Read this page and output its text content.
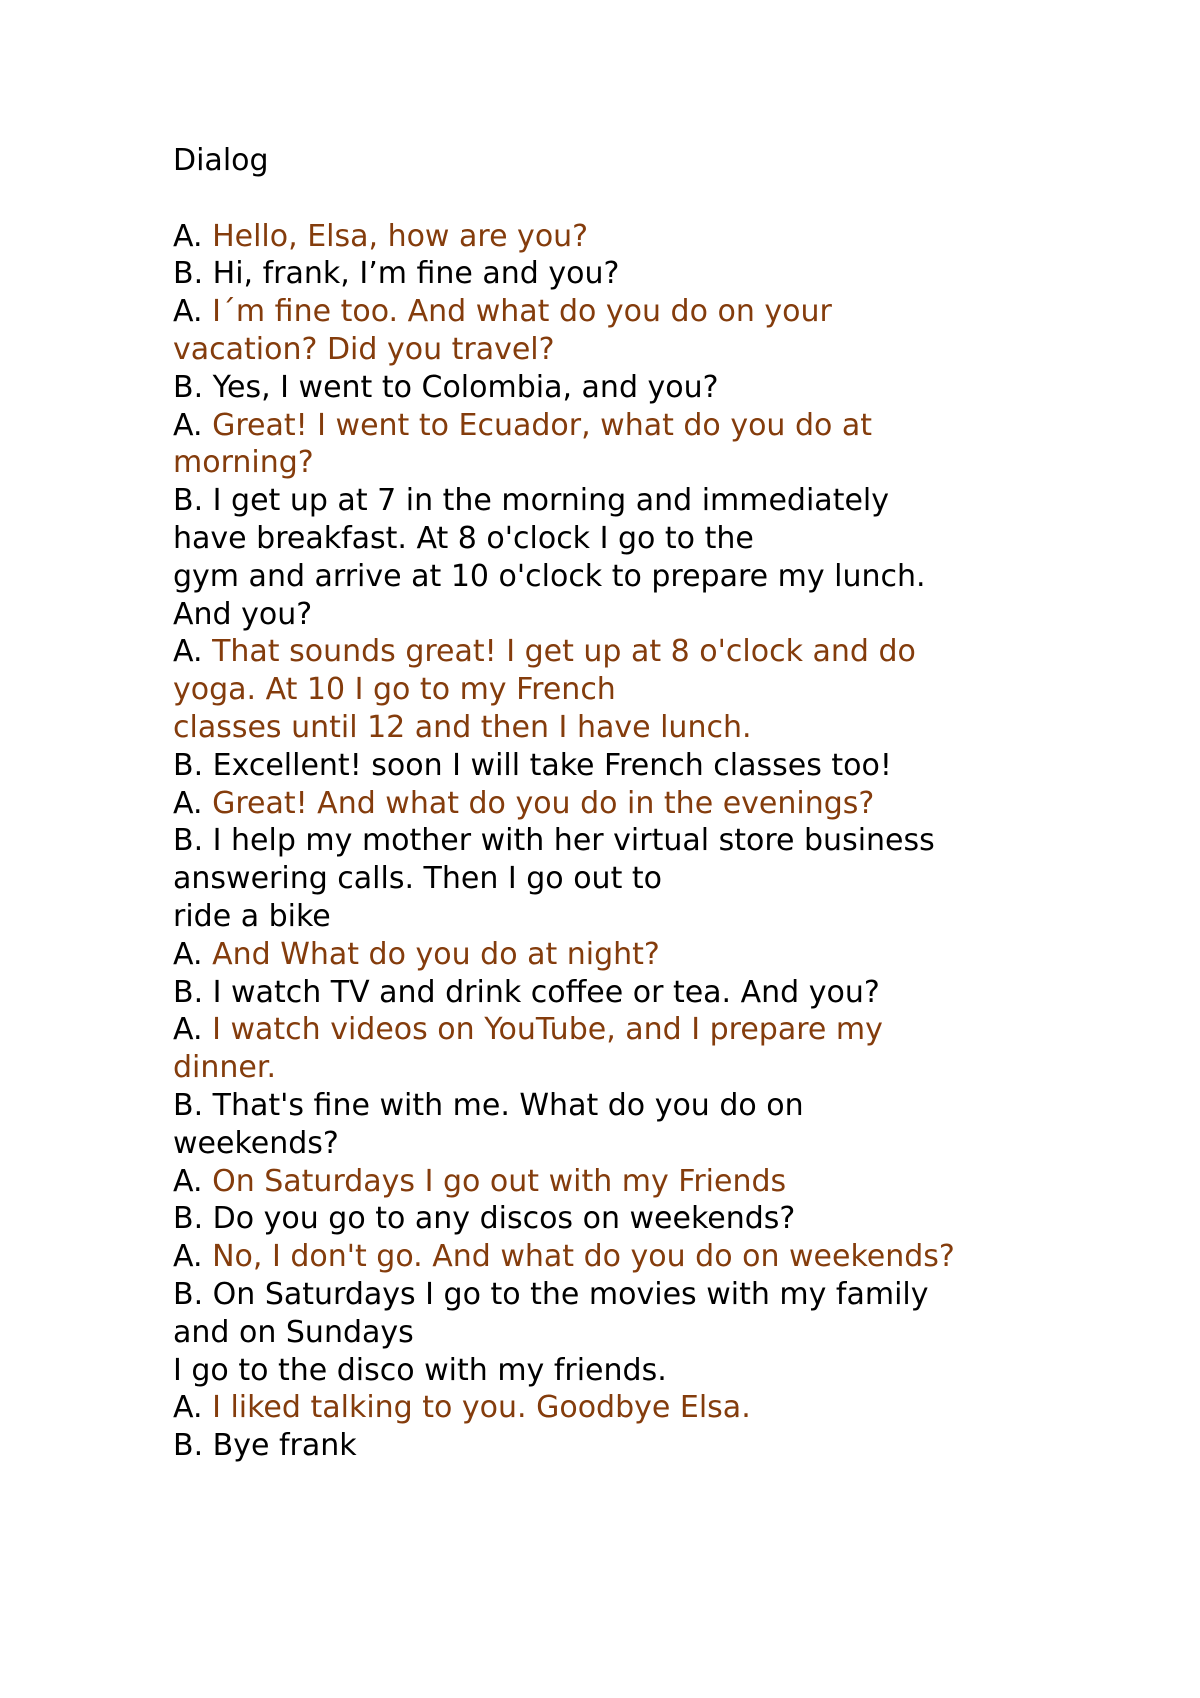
Dialog
A. Hello, Elsa, how are you?
B. Hi, frank, I’m fine and you?
A. I´m fine too. And what do you do on your
vacation? Did you travel?
B. Yes, I went to Colombia, and you?
A. Great! I went to Ecuador, what do you do at
morning?
B. I get up at 7 in the morning and immediately
have breakfast. At 8 o'clock I go to the
gym and arrive at 10 o'clock to prepare my lunch.
And you?
A. That sounds great! I get up at 8 o'clock and do
yoga. At 10 I go to my French
classes until 12 and then I have lunch.
B. Excellent! soon I will take French classes too!
A. Great! And what do you do in the evenings?
B. I help my mother with her virtual store business
answering calls. Then I go out to
ride a bike
A. And What do you do at night?
B. I watch TV and drink coffee or tea. And you?
A. I watch videos on YouTube, and I prepare my
dinner.
B. That's fine with me. What do you do on
weekends?
A. On Saturdays I go out with my Friends
B. Do you go to any discos on weekends?
A. No, I don't go. And what do you do on weekends?
B. On Saturdays I go to the movies with my family
and on Sundays
I go to the disco with my friends.
A. I liked talking to you. Goodbye Elsa.
B. Bye frank
